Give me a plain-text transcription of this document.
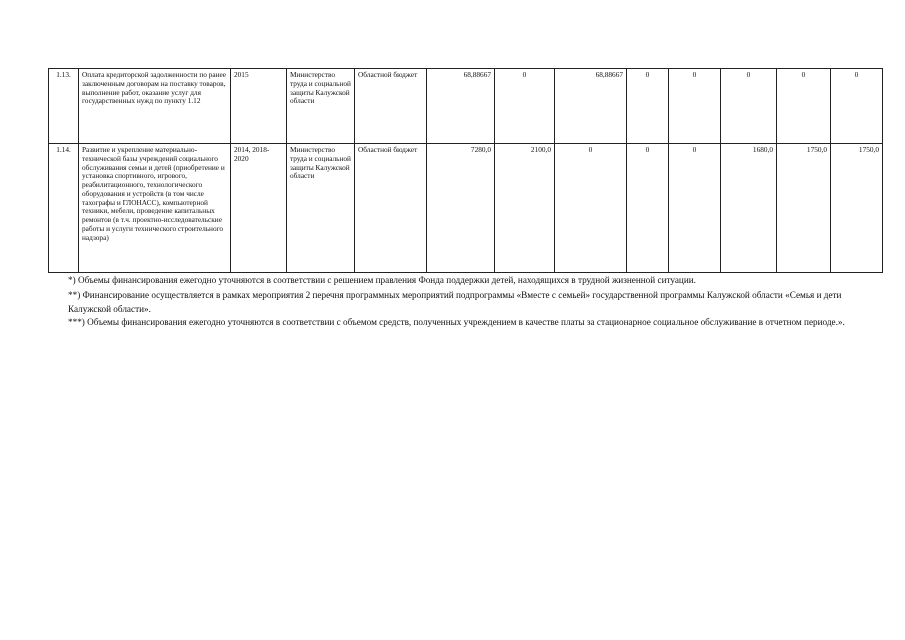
1.13.	Оплата кредиторской задолженности по ранее заключенным договорам на поставку товаров, выполнение работ, оказание услуг для государственных нужд по пункту 1.12	2015	Министерство труда и социальной защиты Калужской области	Областной бюджет	68,88667	0	68,88667	0	0	0	0	0
1.14.	Развитие и укрепление материально-технической базы учреждений социального обслуживания семьи и детей (приобретение и установка спортивного, игрового, реабилитационного, технологического оборудования и устройств (в том числе тахографы и ГЛОНАСС), компьютерной техники, мебели, проведение капитальных ремонтов (в т.ч. проектно-исследовательские работы и услуги технического строительного надзора)	2014, 2018-2020	Министерство труда и социальной защиты Калужской области	Областной бюджет	7280,0	2100,0	0	0	0	1680,0	1750,0	1750,0

*) Объемы финансирования ежегодно уточняются в соответствии с решением правления Фонда поддержки детей, находящихся в трудной жизненной ситуации.

**) Финансирование осуществляется в рамках мероприятия 2 перечня программных мероприятий подпрограммы «Вместе с семьей» государственной программы Калужской области «Семья и дети Калужской области».

***) Объемы финансирования ежегодно уточняются в соответствии с объемом средств, полученных учреждением в качестве платы за стационарное социальное обслуживание в отчетном периоде.».
